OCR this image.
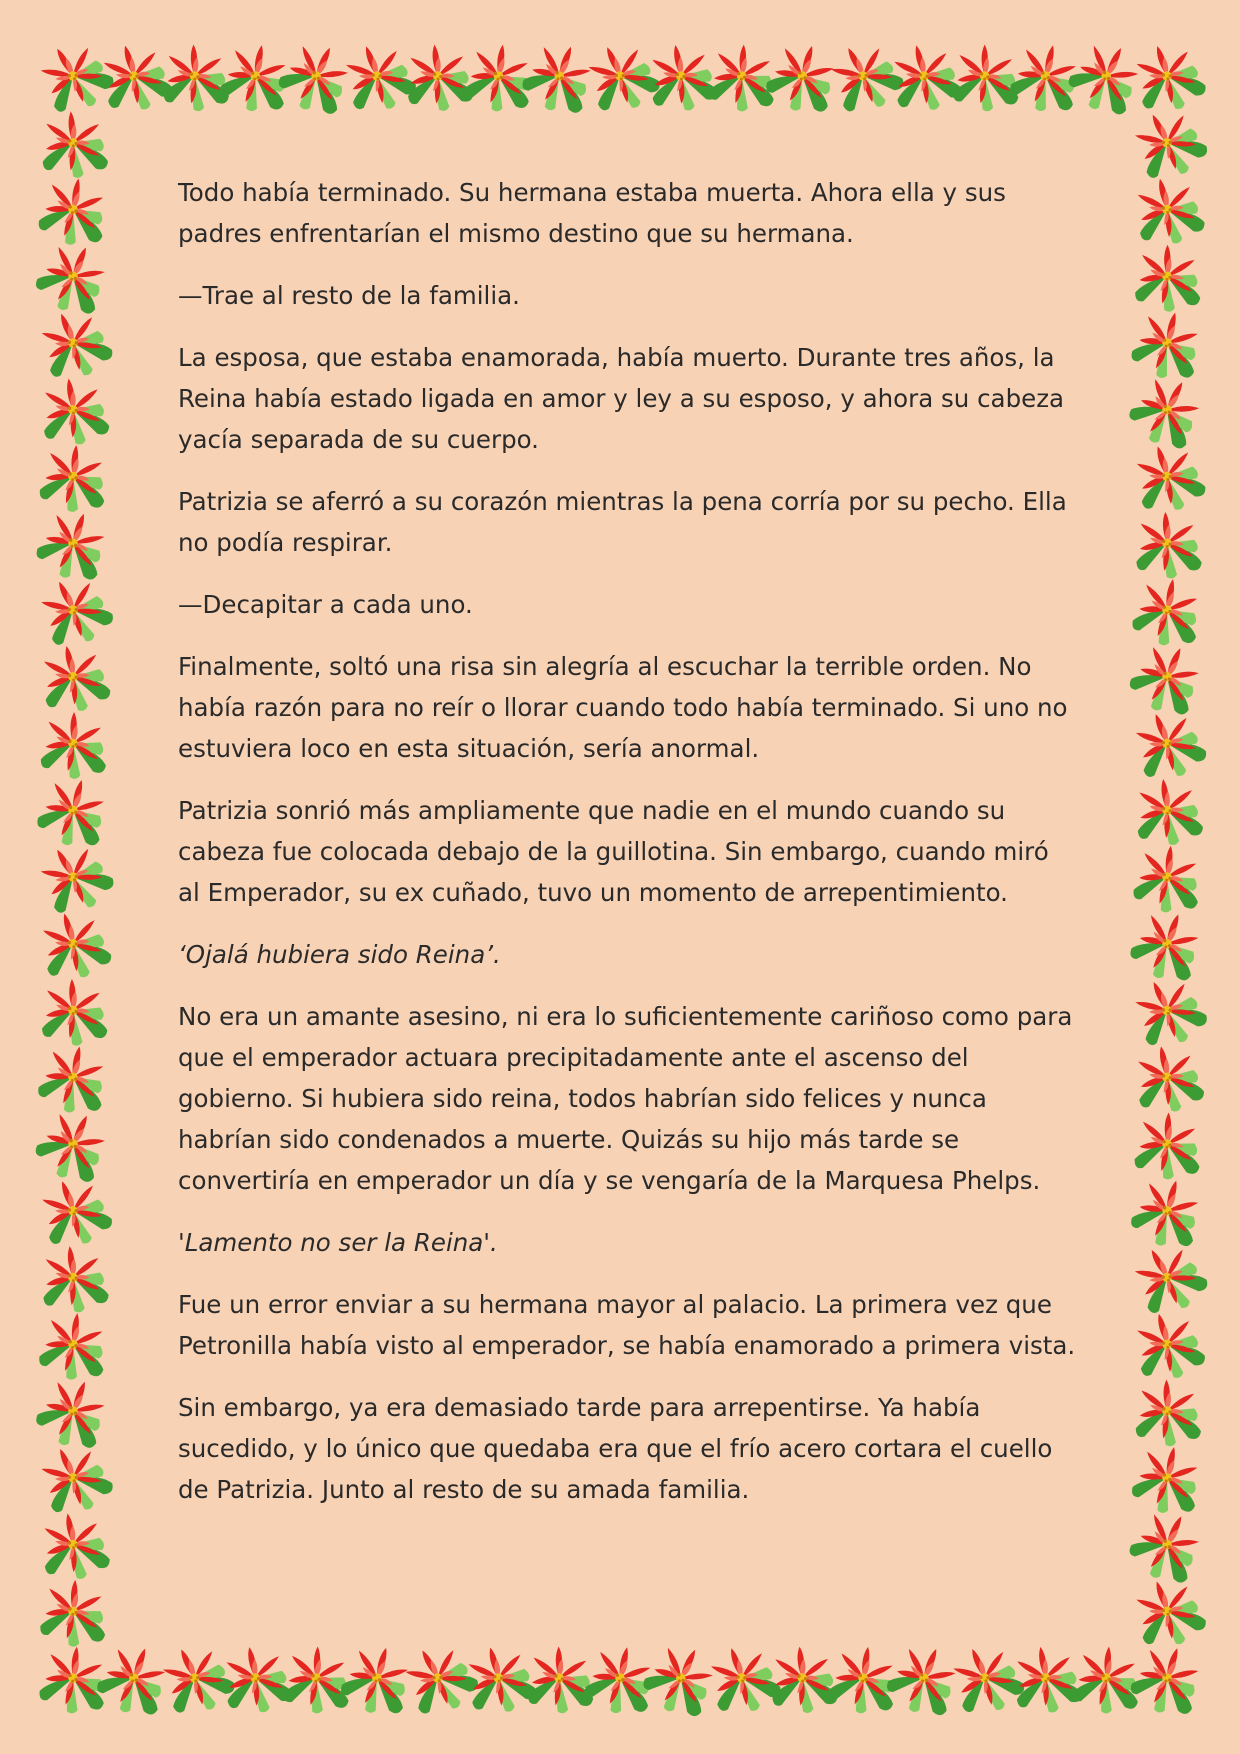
Todo había terminado. Su hermana estaba muerta. Ahora ella y sus padres enfrentarían el mismo destino que su hermana.

—Trae al resto de la familia.

La esposa, que estaba enamorada, había muerto. Durante tres años, la Reina había estado ligada en amor y ley a su esposo, y ahora su cabeza yacía separada de su cuerpo.

Patrizia se aferró a su corazón mientras la pena corría por su pecho. Ella no podía respirar.

—Decapitar a cada uno.

Finalmente, soltó una risa sin alegría al escuchar la terrible orden. No había razón para no reír o llorar cuando todo había terminado. Si uno no estuviera loco en esta situación, sería anormal.

Patrizia sonrió más ampliamente que nadie en el mundo cuando su cabeza fue colocada debajo de la guillotina. Sin embargo, cuando miró al Emperador, su ex cuñado, tuvo un momento de arrepentimiento.

‘Ojalá hubiera sido Reina’.

No era un amante asesino, ni era lo suficientemente cariñoso como para que el emperador actuara precipitadamente ante el ascenso del gobierno. Si hubiera sido reina, todos habrían sido felices y nunca habrían sido condenados a muerte. Quizás su hijo más tarde se convertiría en emperador un día y se vengaría de la Marquesa Phelps.

'Lamento no ser la Reina'.

Fue un error enviar a su hermana mayor al palacio. La primera vez que Petronilla había visto al emperador, se había enamorado a primera vista.

Sin embargo, ya era demasiado tarde para arrepentirse. Ya había sucedido, y lo único que quedaba era que el frío acero cortara el cuello de Patrizia. Junto al resto de su amada familia.
